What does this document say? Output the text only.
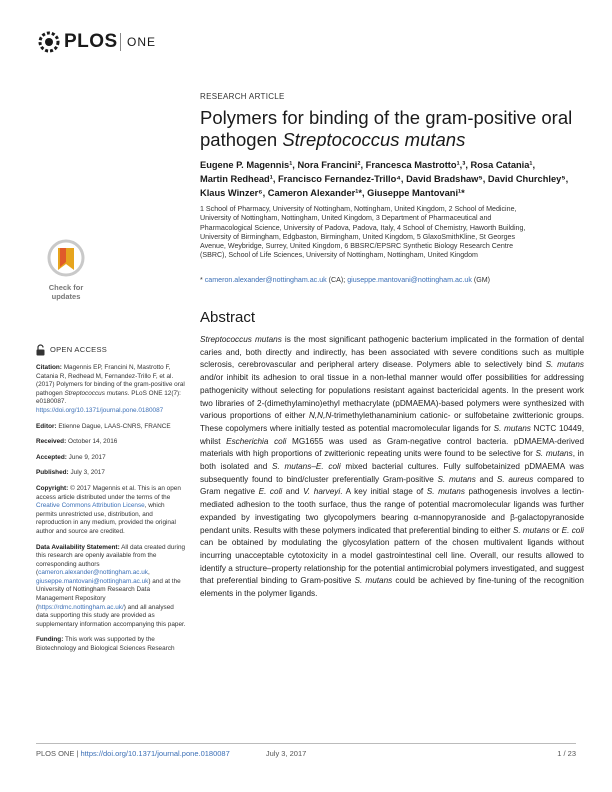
PLOS ONE
RESEARCH ARTICLE
Polymers for binding of the gram-positive oral
pathogen Streptococcus mutans
Eugene P. Magennis¹, Nora Francini², Francesca Mastrotto¹,³, Rosa Catania¹,
Martin Redhead¹, Francisco Fernandez-Trillo⁴, David Bradshaw⁵, David Churchley⁵,
Klaus Winzer⁶, Cameron Alexander¹*, Giuseppe Mantovani¹*
1 School of Pharmacy, University of Nottingham, Nottingham, United Kingdom, 2 School of Medicine,
University of Nottingham, Nottingham, United Kingdom, 3 Department of Pharmaceutical and
Pharmacological Science, University of Padova, Padova, Italy, 4 School of Chemistry, Haworth Building,
University of Birmingham, Edgbaston, Birmingham, United Kingdom, 5 GlaxoSmithKline, St Georges
Avenue, Weybridge, Surrey, United Kingdom, 6 BBSRC/EPSRC Synthetic Biology Research Centre
(SBRC), School of Life Sciences, University of Nottingham, Nottingham, United Kingdom
* cameron.alexander@nottingham.ac.uk (CA); giuseppe.mantovani@nottingham.ac.uk (GM)
Check for
updates
OPEN ACCESS
Citation: Magennis EP, Francini N, Mastrotto F, Catania R, Redhead M, Fernandez-Trillo F, et al. (2017) Polymers for binding of the gram-positive oral pathogen Streptococcus mutans. PLoS ONE 12(7): e0180087. https://doi.org/10.1371/journal.pone.0180087
Editor: Etienne Dague, LAAS-CNRS, FRANCE
Received: October 14, 2016
Accepted: June 9, 2017
Published: July 3, 2017
Copyright: © 2017 Magennis et al. This is an open access article distributed under the terms of the Creative Commons Attribution License, which permits unrestricted use, distribution, and reproduction in any medium, provided the original author and source are credited.
Data Availability Statement: All data created during this research are openly available from the corresponding authors (cameron.alexander@nottingham.ac.uk, giuseppe.mantovani@nottingham.ac.uk) and at the University of Nottingham Research Data Management Repository (https://rdmc.nottingham.ac.uk/) and all analysed data supporting this study are provided as supplementary information accompanying this paper.
Funding: This work was supported by the Biotechnology and Biological Sciences Research
Abstract
Streptococcus mutans is the most significant pathogenic bacterium implicated in the formation of dental caries and, both directly and indirectly, has been associated with severe conditions such as multiple sclerosis, cerebrovascular and peripheral artery disease. Polymers able to selectively bind S. mutans and/or inhibit its adhesion to oral tissue in a non-lethal manner would offer possibilities for addressing pathogenicity without selecting for populations resistant against bactericidal agents. In the present work two libraries of 2-(dimethylamino)ethyl methacrylate (pDMAEMA)-based polymers were synthesized with various proportions of either N,N,N-trimethylethanaminium cationic- or sulfobetaine zwitterionic groups. These copolymers where initially tested as potential macromolecular ligands for S. mutans NCTC 10449, whilst Escherichia coli MG1655 was used as Gram-negative control bacteria. pDMAEMA-derived materials with high proportions of zwitterionic repeating units were found to be selective for S. mutans, in both isolated and S. mutans–E. coli mixed bacterial cultures. Fully sulfobetainized pDMAEMA was subsequently found to bind/cluster preferentially Gram-positive S. mutans and S. aureus compared to Gram negative E. coli and V. harveyi. A key initial stage of S. mutans pathogenesis involves a lectin-mediated adhesion to the tooth surface, thus the range of potential macromolecular ligands was further expanded by investigating two glycopolymers bearing α-mannopyranoside and β-galactopyranoside pendant units. Results with these polymers indicated that preferential binding to either S. mutans or E. coli can be obtained by modulating the glycosylation pattern of the chosen multivalent ligands without incurring unacceptable cytotoxicity in a model gastrointestinal cell line. Overall, our results allowed to identify a structure–property relationship for the potential antimicrobial polymers investigated, and suggest that preferential binding to Gram-positive S. mutans could be achieved by fine-tuning of the recognition elements in the polymer ligands.
PLOS ONE | https://doi.org/10.1371/journal.pone.0180087	July 3, 2017	1 / 23
